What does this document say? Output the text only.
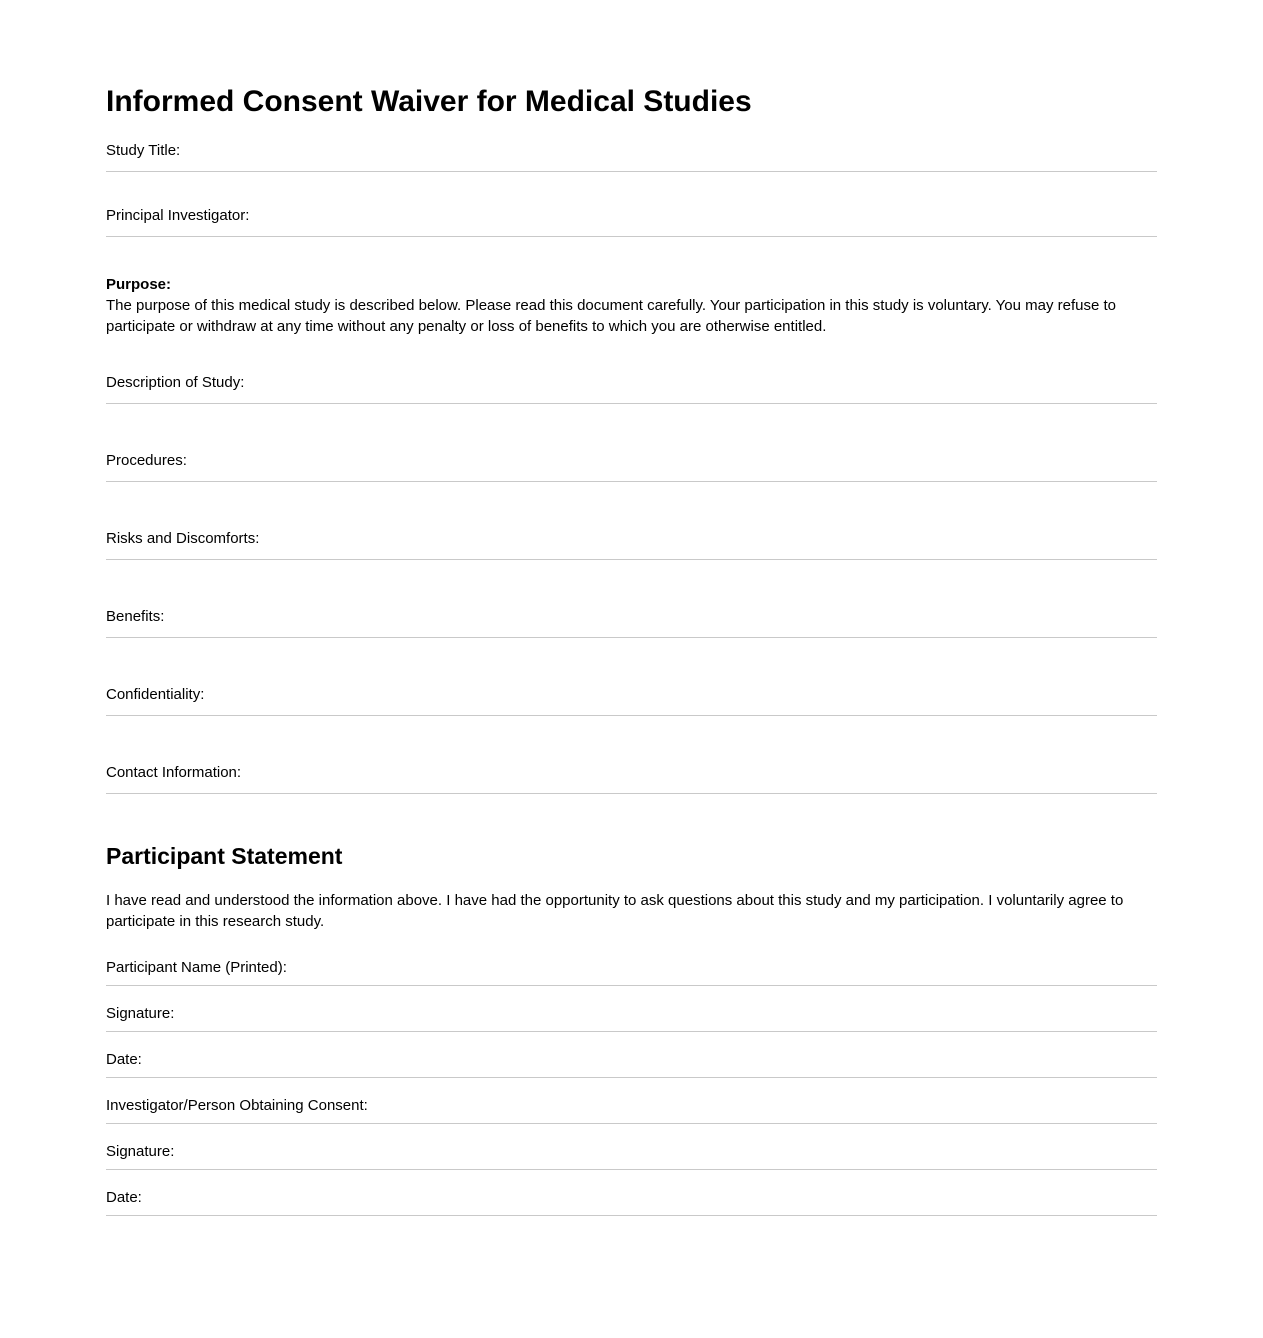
Informed Consent Waiver for Medical Studies
Study Title:
Principal Investigator:

Purpose:
The purpose of this medical study is described below. Please read this document carefully. Your participation in this study is voluntary. You may refuse to participate or withdraw at any time without any penalty or loss of benefits to which you are otherwise entitled.

Description of Study:
Procedures:
Risks and Discomforts:
Benefits:
Confidentiality:
Contact Information:
Participant Statement

I have read and understood the information above. I have had the opportunity to ask questions about this study and my participation. I voluntarily agree to participate in this research study.

Participant Name (Printed):
Signature:
Date:
Investigator/Person Obtaining Consent:
Signature:
Date:
